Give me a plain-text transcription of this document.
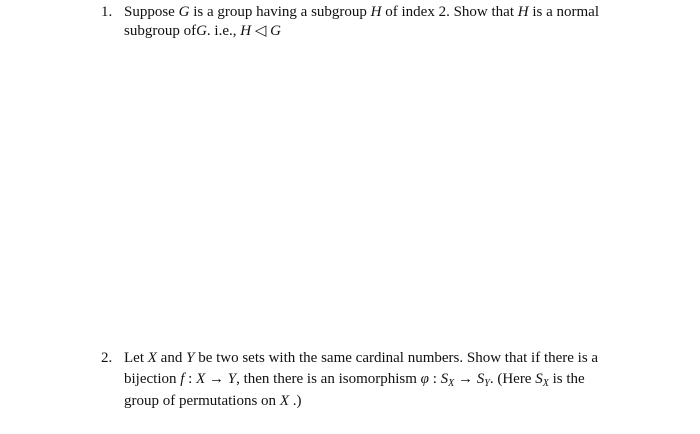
1. Suppose G is a group having a subgroup H of index 2. Show that H is a normal
subgroup ofG. i.e., H ◁ G
2. Let X and Y be two sets with the same cardinal numbers. Show that if there is a
bijection f : X → Y, then there is an isomorphism φ : $S_X \to S_Y$. (Here $S_X$ is the
group of permutations on X .)
